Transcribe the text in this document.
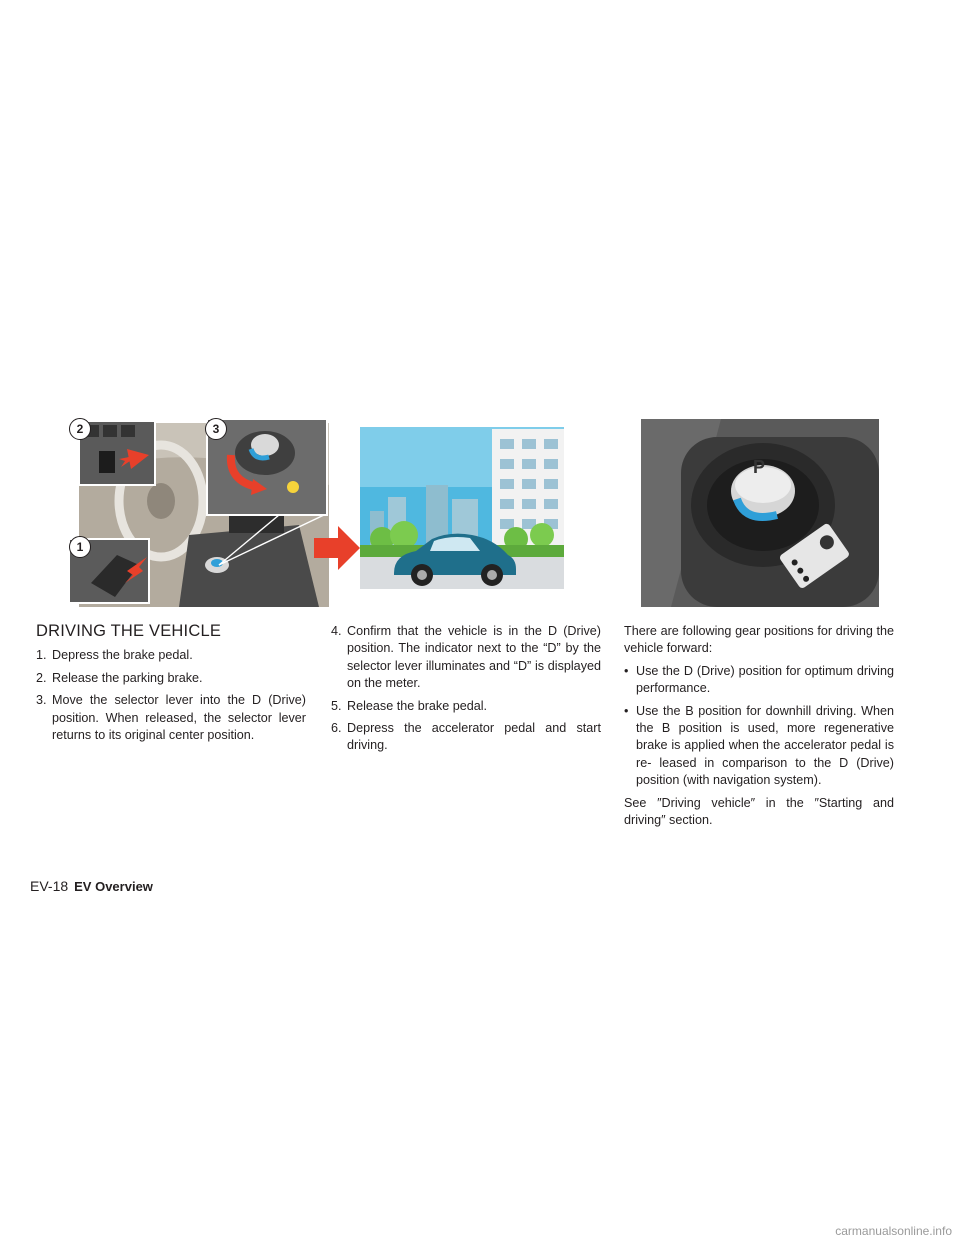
1
2	3
P
DRIVING THE VEHICLE
1. Depress the brake pedal.
2. Release the parking brake.
3. Move the selector lever into the D (Drive) position. When released, the selector lever returns to its original center position.
4. Confirm that the vehicle is in the D (Drive) position. The indicator next to the “D” by the selector lever illuminates and “D” is displayed on the meter.
5. Release the brake pedal.
6. Depress the accelerator pedal and start driving.

There are following gear positions for driving the vehicle forward:

• Use the D (Drive) position for optimum driving performance.
• Use the B position for downhill driving. When the B position is used, more regenerative brake is applied when the accelerator pedal is re- leased in comparison to the D (Drive) position (with navigation system).

See ″Driving vehicle″ in the ″Starting and driving″ section.

EV-18 EV Overview
carmanualsonline.info
